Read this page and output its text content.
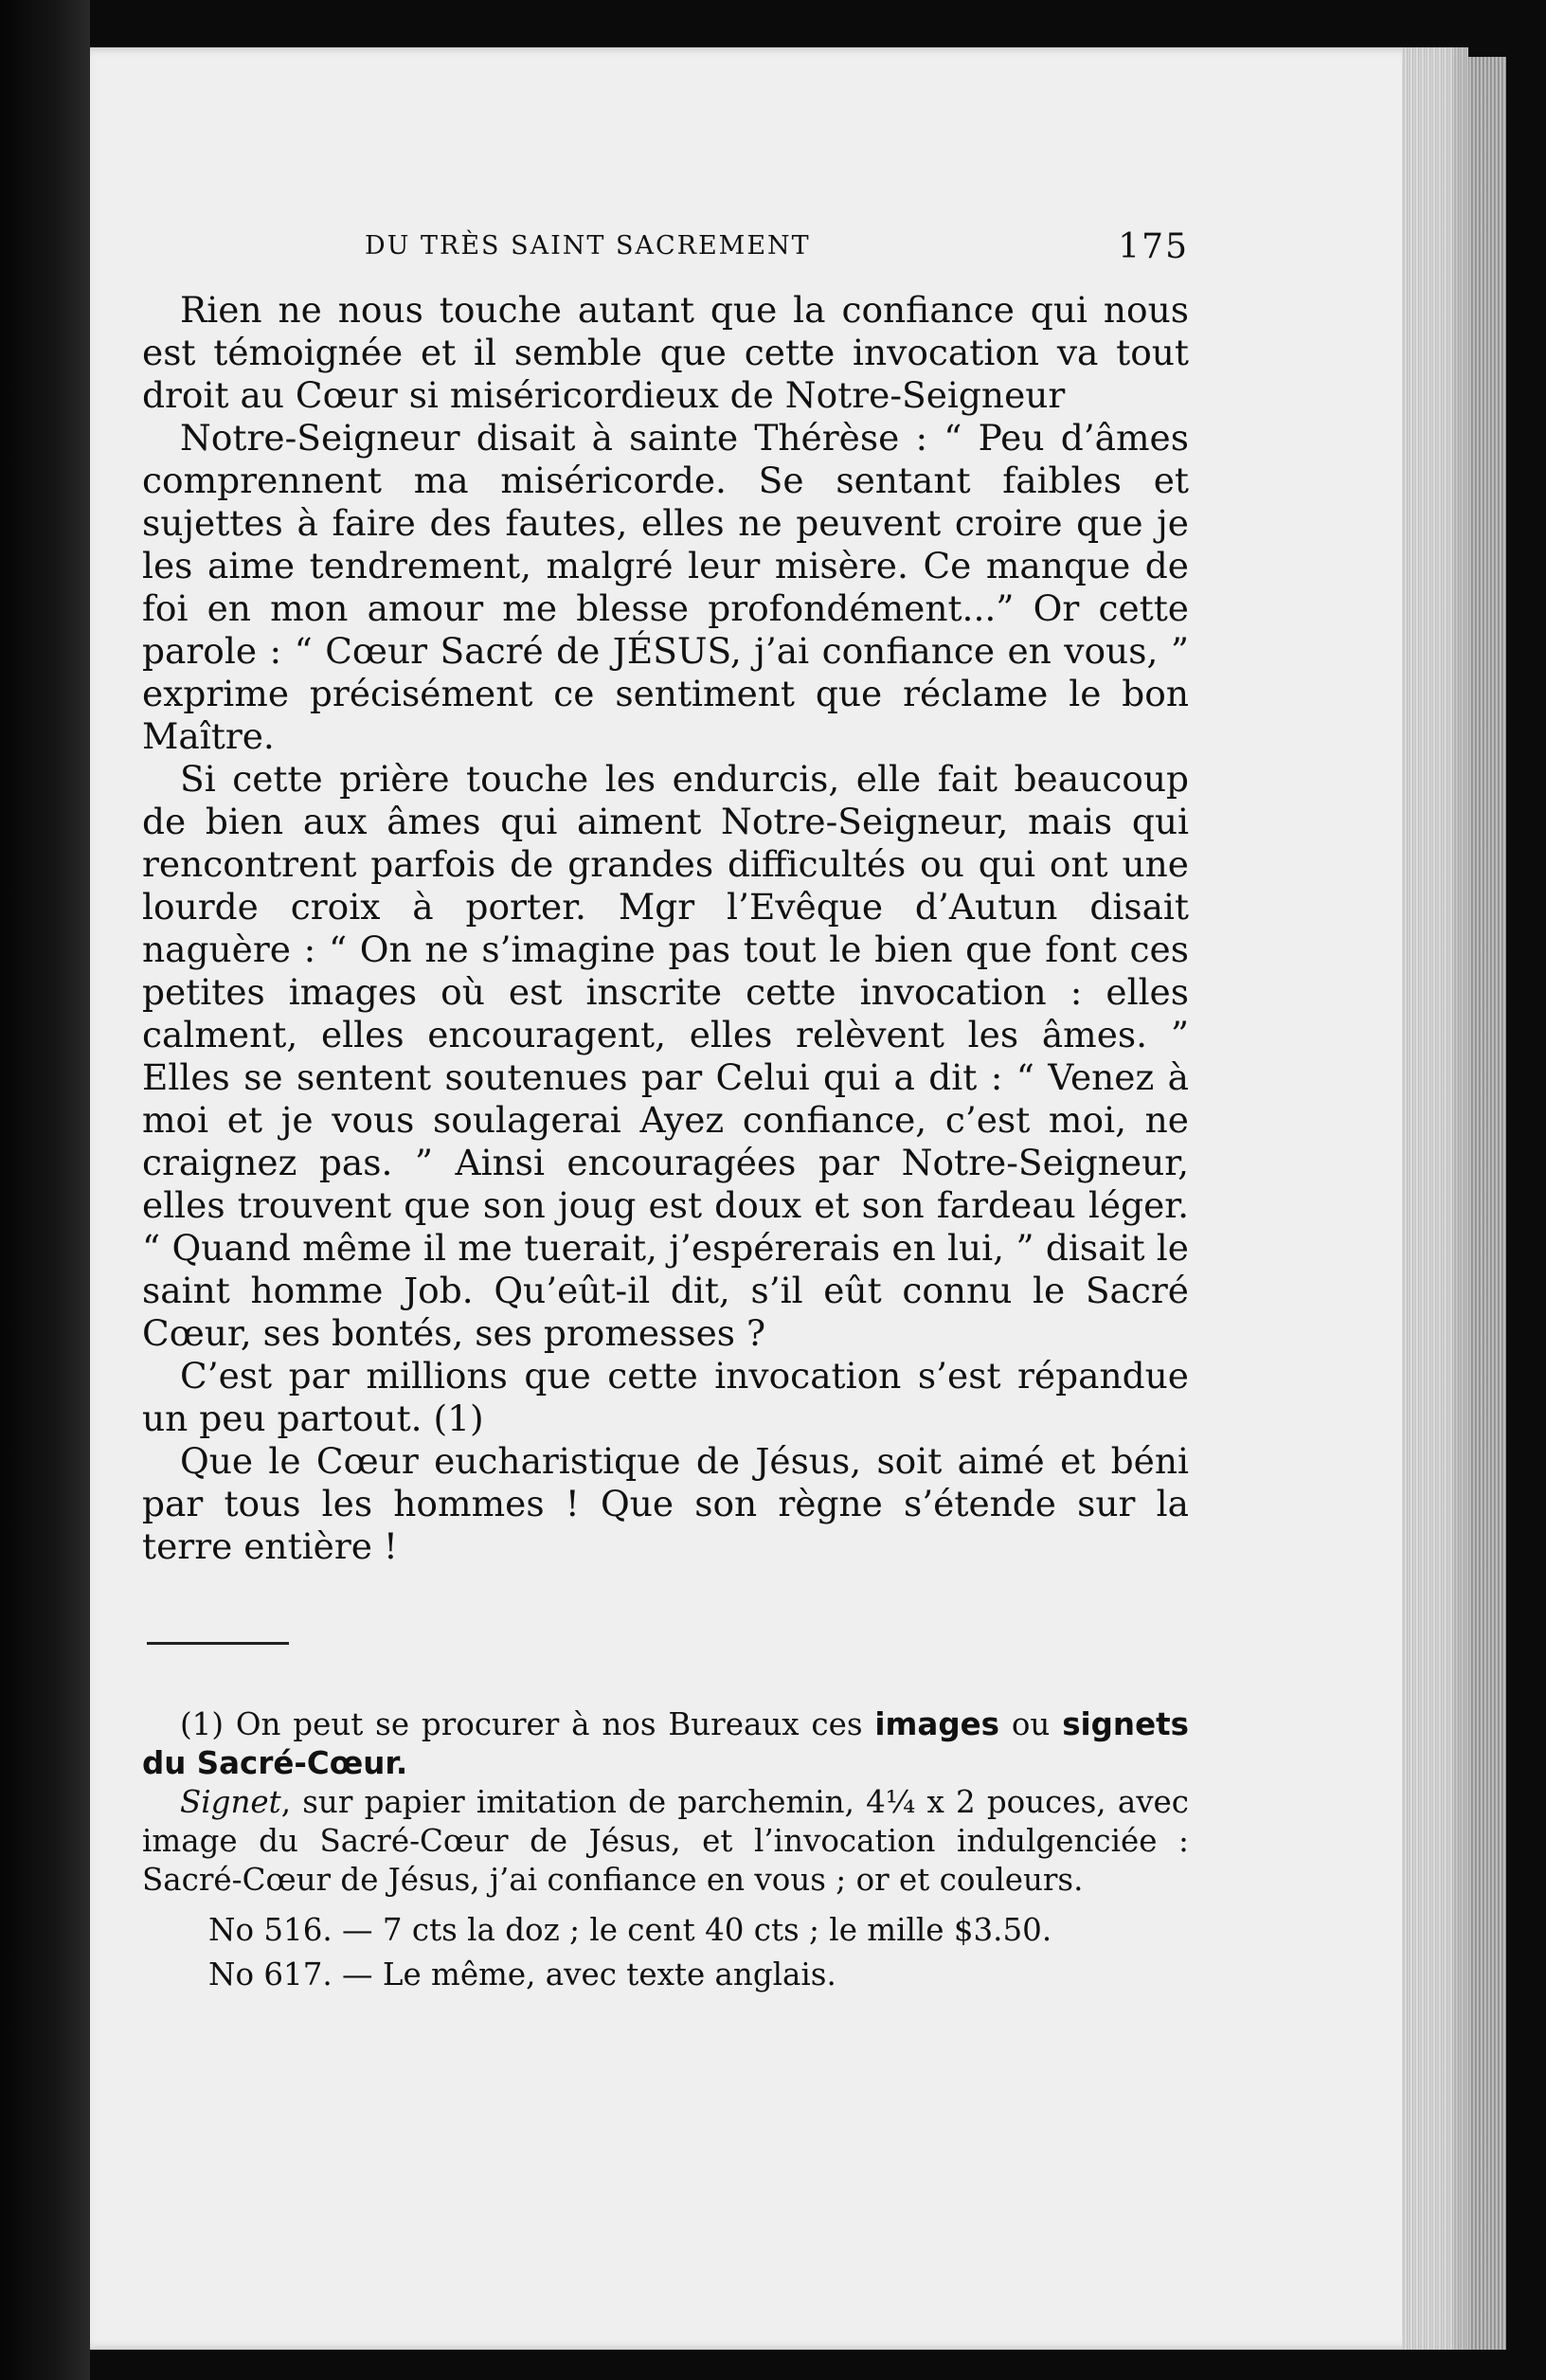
DU TRÈS SAINT SACREMENT	175

Rien ne nous touche autant que la confiance qui nous est témoignée et il semble que cette invocation va tout droit au Cœur si miséricordieux de Notre-Seigneur

Notre-Seigneur disait à sainte Thérèse : “ Peu d’âmes comprennent ma miséricorde. Se sentant faibles et sujettes à faire des fautes, elles ne peuvent croire que je les aime tendrement, malgré leur misère. Ce manque de foi en mon amour me blesse profondément...” Or cette parole : “ Cœur Sacré de JÉSUS, j’ai confiance en vous, ” exprime précisément ce sentiment que réclame le bon Maître.

Si cette prière touche les endurcis, elle fait beaucoup de bien aux âmes qui aiment Notre-Seigneur, mais qui rencontrent parfois de grandes difficultés ou qui ont une lourde croix à porter. Mgr l’Evêque d’Autun disait naguère : “ On ne s’imagine pas tout le bien que font ces petites images où est inscrite cette invocation : elles calment, elles encouragent, elles relèvent les âmes. ” Elles se sentent soutenues par Celui qui a dit : “ Venez à moi et je vous soulagerai Ayez confiance, c’est moi, ne craignez pas. ” Ainsi encouragées par Notre-Seigneur, elles trouvent que son joug est doux et son fardeau léger. “ Quand même il me tuerait, j’espérerais en lui, ” disait le saint homme Job. Qu’eût-il dit, s’il eût connu le Sacré Cœur, ses bontés, ses promesses ?

C’est par millions que cette invocation s’est répandue un peu partout. (1)

Que le Cœur eucharistique de Jésus, soit aimé et béni par tous les hommes ! Que son règne s’étende sur la terre entière !

(1) On peut se procurer à nos Bureaux ces images ou signets du Sacré-Cœur.

Signet, sur papier imitation de parchemin, 4¼ x 2 pouces, avec image du Sacré-Cœur de Jésus, et l’invocation indulgenciée : Sacré-Cœur de Jésus, j’ai confiance en vous ; or et couleurs.

No 516. — 7 cts la doz ; le cent 40 cts ; le mille $3.50.

No 617. — Le même, avec texte anglais.
